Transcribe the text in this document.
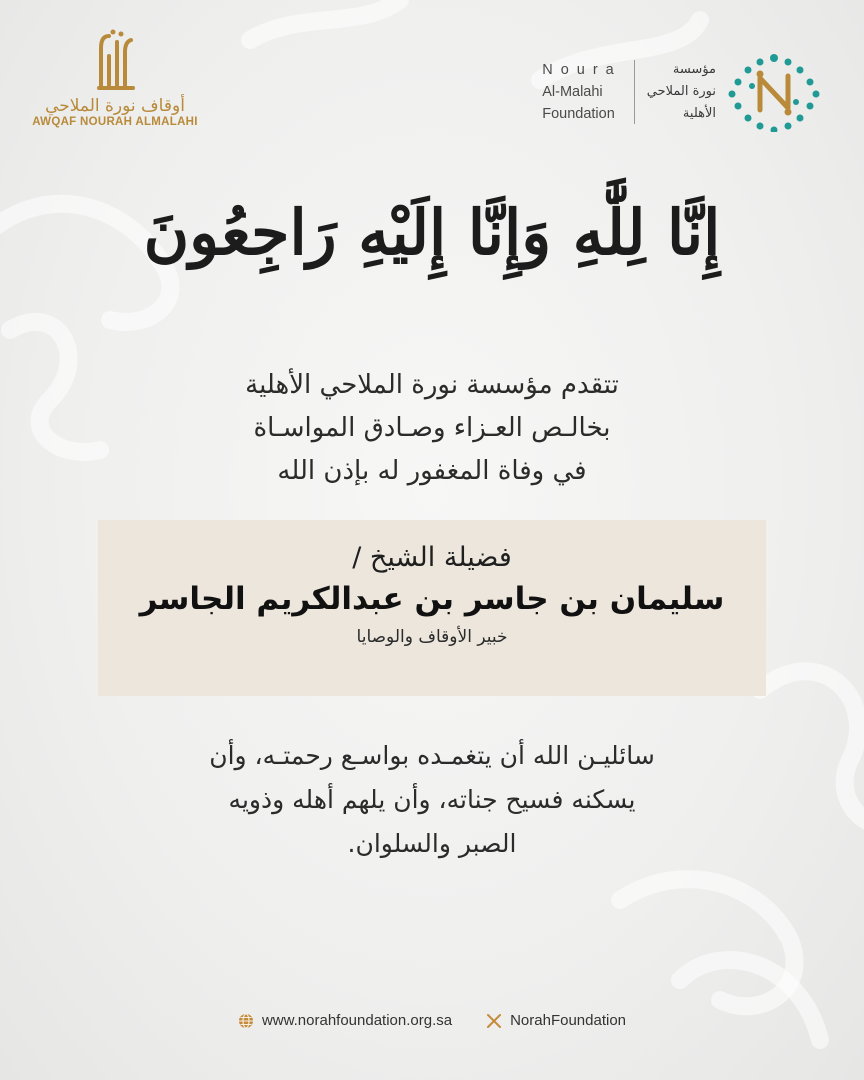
أوقاف نورة الملاحي
AWQAF NOURAH ALMALAHI
Noura
Al-Malahi
Foundation
مؤسسة
نورة الملاحي
الأهلية
إِنَّا لِلَّٰهِ وَإِنَّا إِلَيْهِ رَاجِعُونَ
تتقدم مؤسسة نورة الملاحي الأهلية
بخالـص العـزاء وصـادق المواسـاة
في وفاة المغفور له بإذن الله
فضيلة الشيخ /
سليمان بن جاسر بن عبدالكريم الجاسر
خبير الأوقاف والوصايا
سائليـن الله أن يتغمـده بواسـع رحمتـه، وأن
يسكنه فسيح جناته، وأن يلهم أهله وذويه
الصبر والسلوان.
www.norahfoundation.org.sa	NorahFoundation
